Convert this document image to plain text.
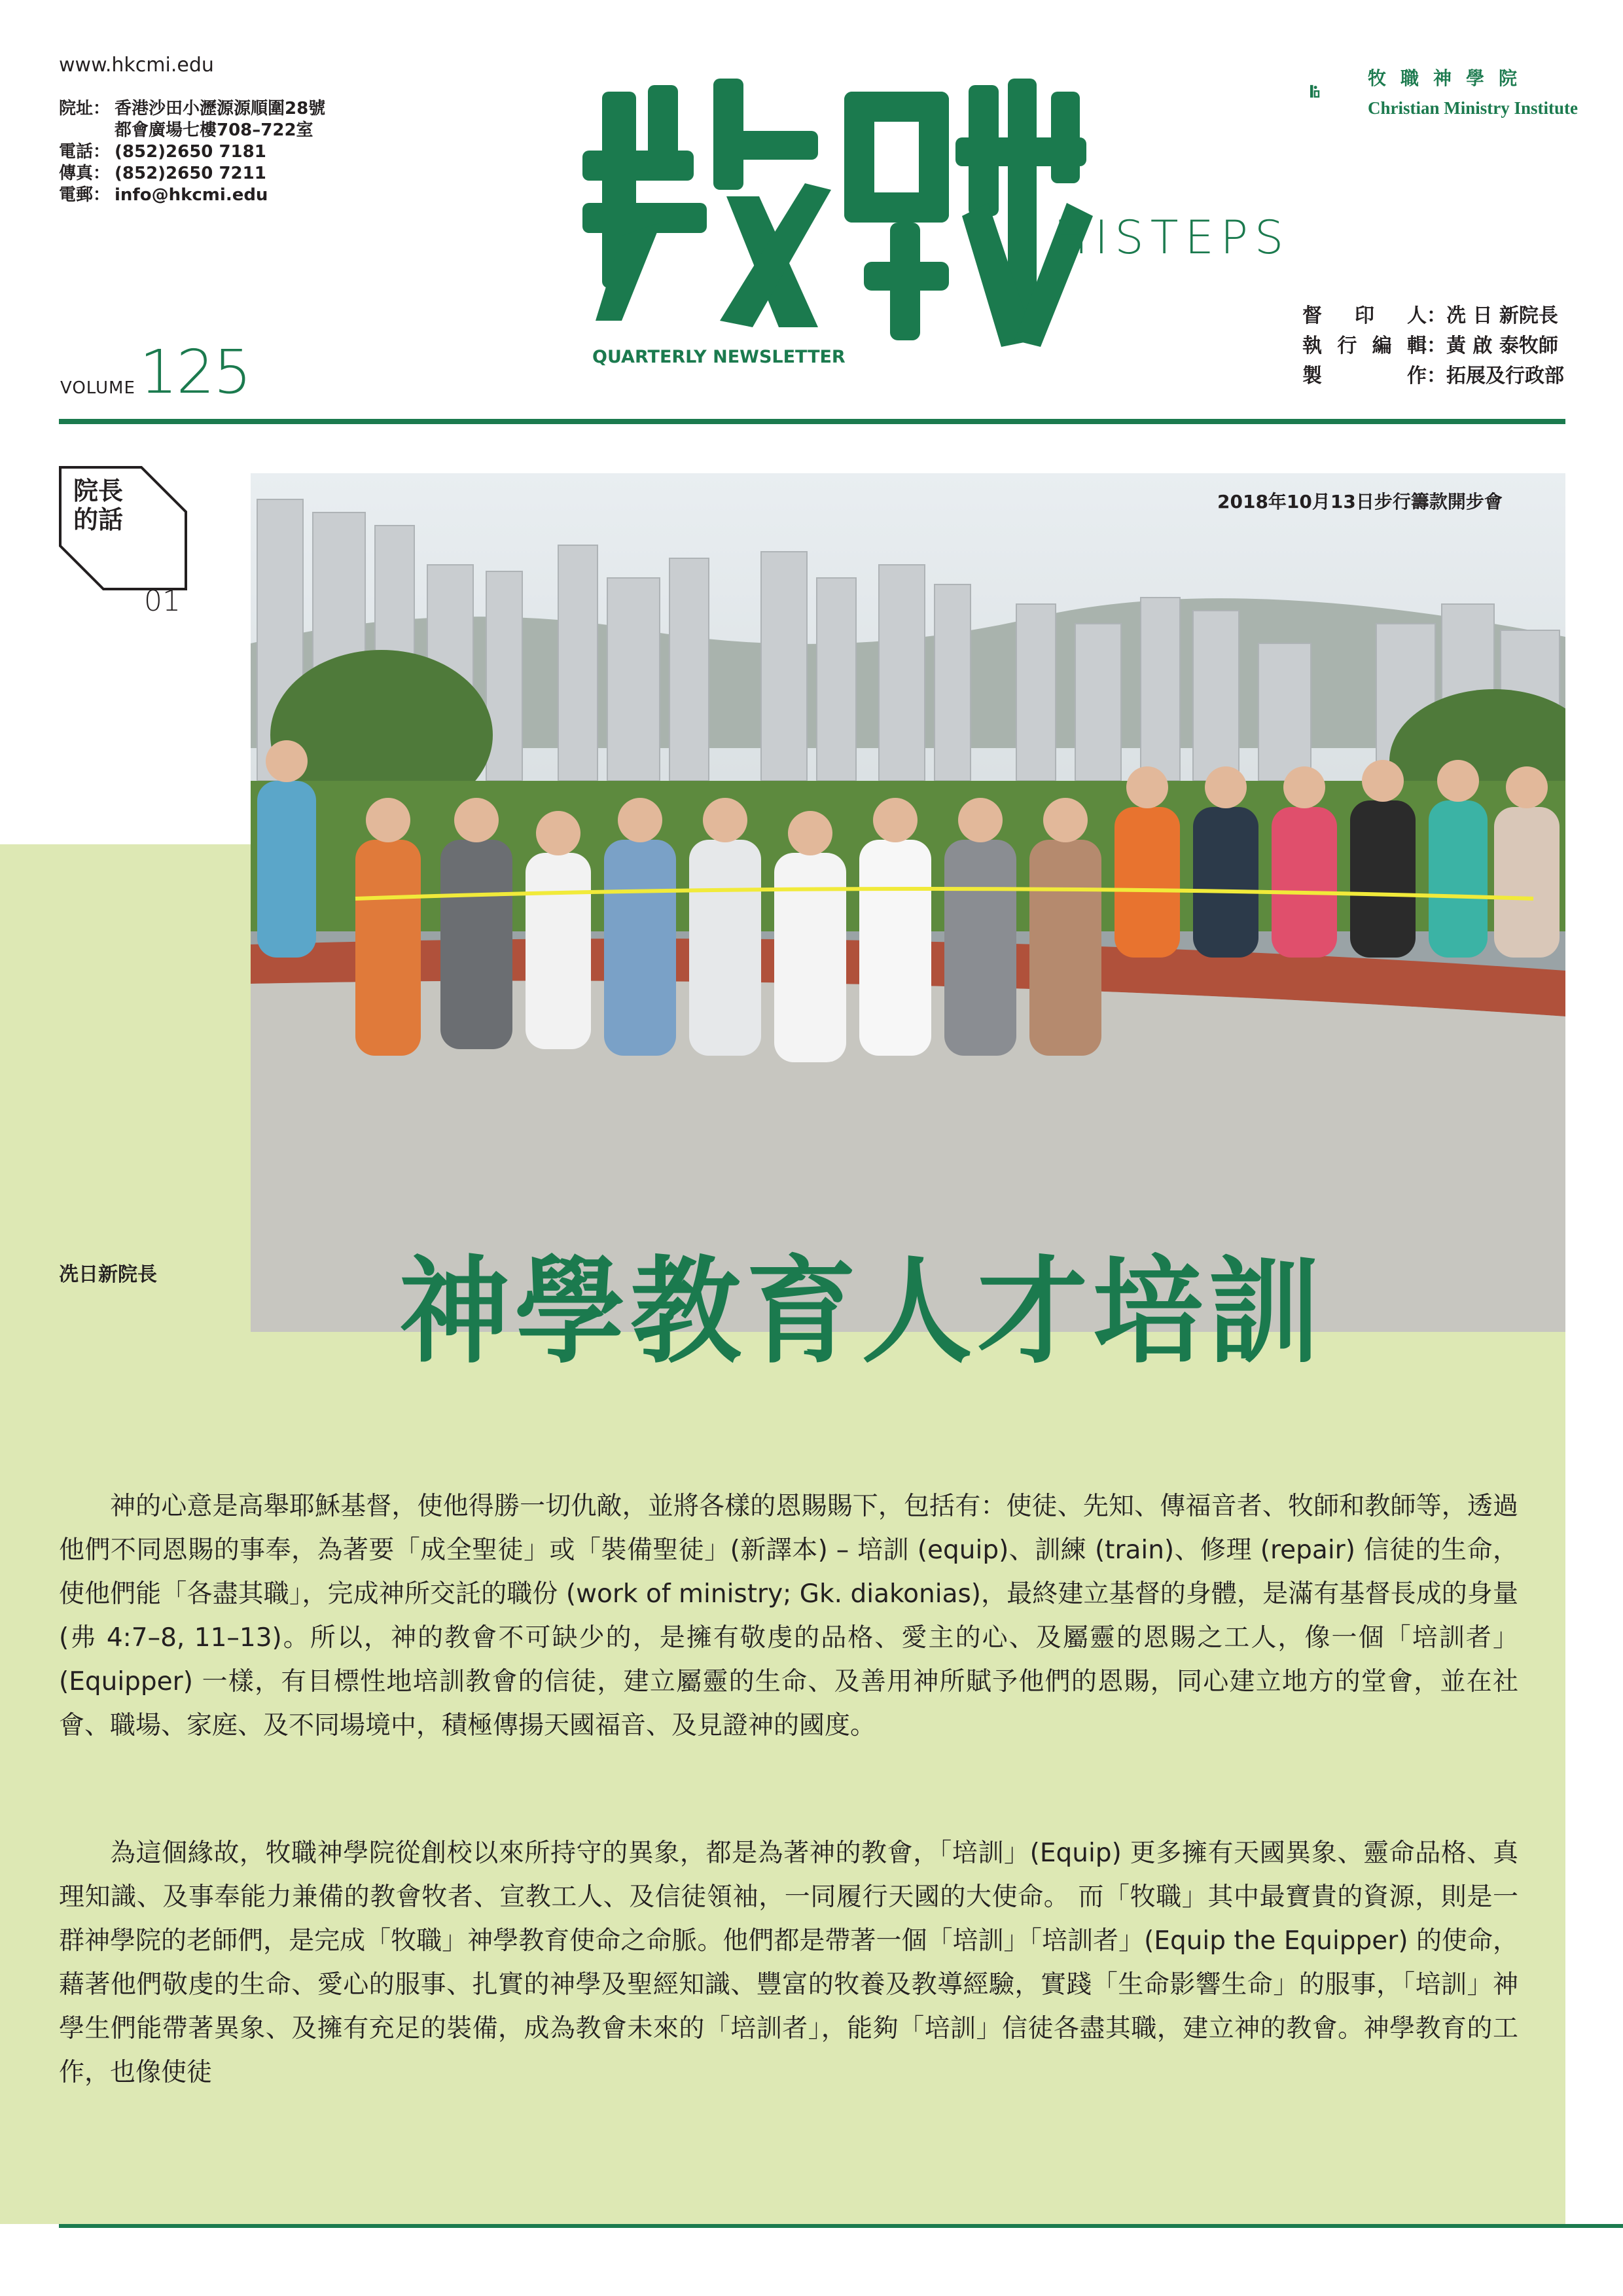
www.hkcmi.edu
院址： 香港沙田小瀝源源順圍28號
都會廣場七樓708–722室
電話： (852)2650 7181
傳真： (852)2650 7211
電郵： info@hkcmi.edu
VOLUME 125	QUARTERLY NEWSLETTER
HISTEPS
牧職神學院
Christian Ministry Institute
督印人 ： 冼 日 新院長
執行編輯 ： 黃 啟 泰牧師
製作 ： 拓展及行政部
院長
的話
01
2018年10月13日步行籌款開步會
冼日新院長 神學教育人才培訓

神的心意是高舉耶穌基督，使他得勝一切仇敵，並將各樣的恩賜賜下，包括有：使徒、先知、傳福音者、牧師和教師等，透過他們不同恩賜的事奉，為著要「成全聖徒」或「裝備聖徒」(新譯本) – 培訓 (equip)、訓練 (train)、修理 (repair) 信徒的生命，使他們能「各盡其職」，完成神所交託的職份 (work of ministry; Gk. diakonias)，最終建立基督的身體，是滿有基督長成的身量 (弗 4:7–8, 11–13)。所以，神的教會不可缺少的，是擁有敬虔的品格、愛主的心、及屬靈的恩賜之工人，像一個「培訓者」(Equipper) 一樣，有目標性地培訓教會的信徒，建立屬靈的生命、及善用神所賦予他們的恩賜，同心建立地方的堂會，並在社會、職場、家庭、及不同場境中，積極傳揚天國福音、及見證神的國度。

為這個緣故，牧職神學院從創校以來所持守的異象，都是為著神的教會，「培訓」(Equip) 更多擁有天國異象、靈命品格、真理知識、及事奉能力兼備的教會牧者、宣教工人、及信徒領袖，一同履行天國的大使命。 而「牧職」其中最寶貴的資源，則是一群神學院的老師們，是完成「牧職」神學教育使命之命脈。他們都是帶著一個「培訓」「培訓者」(Equip the Equipper) 的使命，藉著他們敬虔的生命、愛心的服事、扎實的神學及聖經知識、豐富的牧養及教導經驗，實踐「生命影響生命」的服事，「培訓」神學生們能帶著異象、及擁有充足的裝備，成為教會未來的「培訓者」，能夠「培訓」信徒各盡其職，建立神的教會。神學教育的工作，也像使徒
